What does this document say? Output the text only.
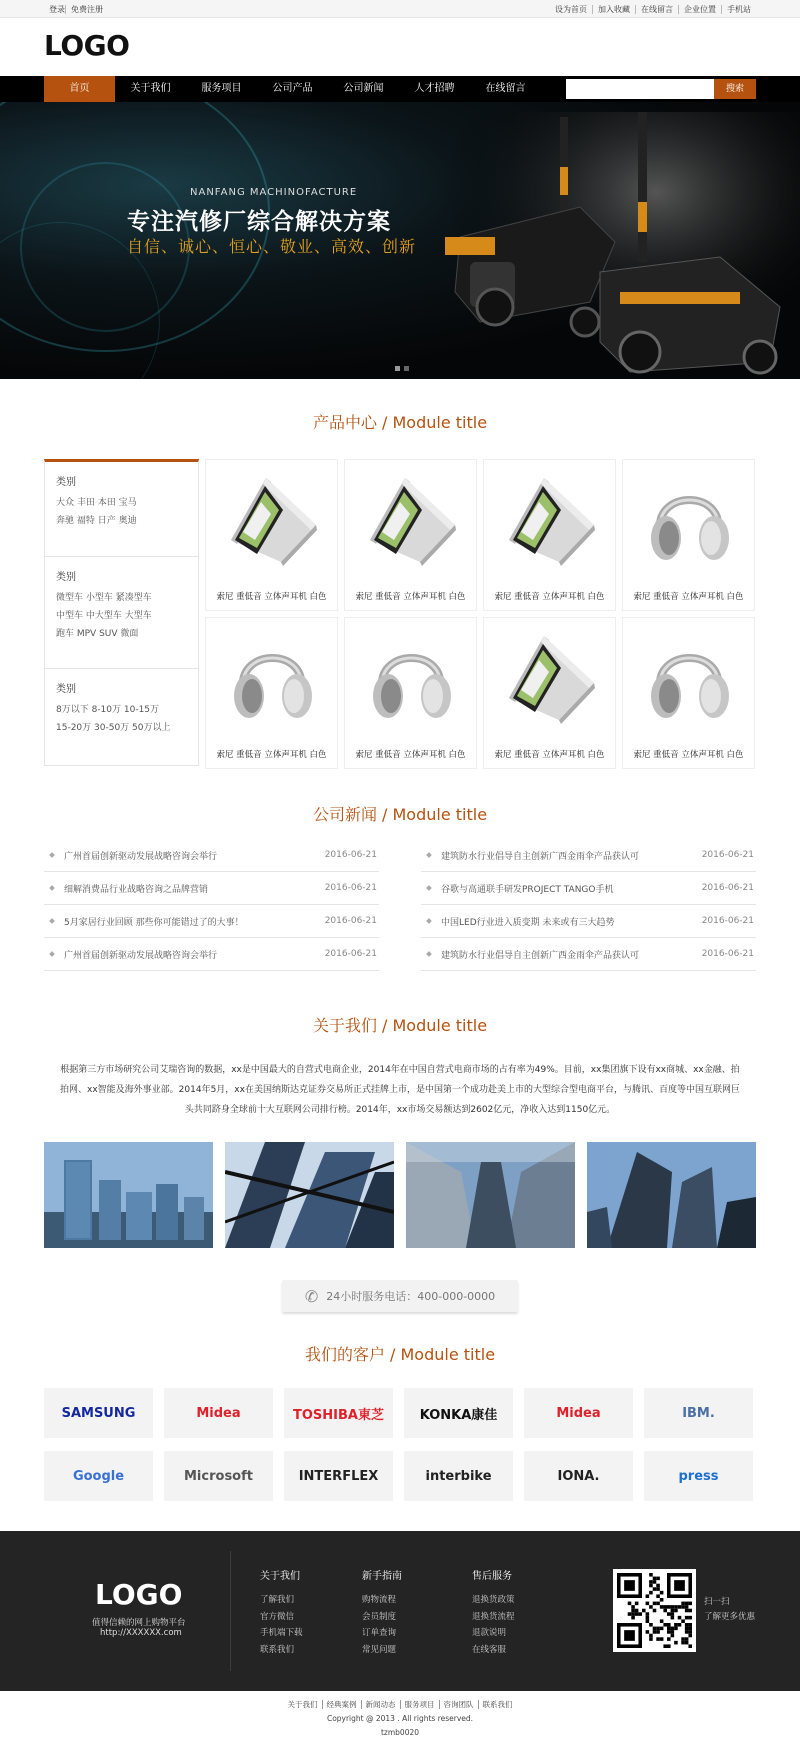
登录 免费注册	设为首页	加入收藏	在线留言	企业位置	手机站
LOGO
首页	关于我们	服务项目	公司产品	公司新闻	人才招聘	在线留言	搜索
NANFANG MACHINOFACTURE
专注汽修厂综合解决方案
自信、诚心、恒心、敬业、高效、创新
产品中心 / Module title
类别

大众 丰田 本田 宝马

奔驰 福特 日产 奥迪

类别

微型车 小型车 紧凑型车

中型车 中大型车 大型车

跑车 MPV SUV 微面

类别

8万以下 8-10万 10-15万

15-20万 30-50万 50万以上

索尼 重低音 立体声耳机 白色	索尼 重低音 立体声耳机 白色	索尼 重低音 立体声耳机 白色	索尼 重低音 立体声耳机 白色
索尼 重低音 立体声耳机 白色	索尼 重低音 立体声耳机 白色	索尼 重低音 立体声耳机 白色	索尼 重低音 立体声耳机 白色
公司新闻 / Module title
广州首届创新驱动发展战略咨询会举行	2016-06-21
细解消费品行业战略咨询之品牌营销	2016-06-21
5月家居行业回顾 那些你可能错过了的大事！	2016-06-21
广州首届创新驱动发展战略咨询会举行	2016-06-21
建筑防水行业倡导自主创新广西金雨伞产品获认可	2016-06-21
谷歌与高通联手研发PROJECT TANGO手机	2016-06-21
中国LED行业进入质变期 未来或有三大趋势	2016-06-21
建筑防水行业倡导自主创新广西金雨伞产品获认可	2016-06-21
关于我们 / Module title
根据第三方市场研究公司艾瑞咨询的数据，xx是中国最大的自营式电商企业，2014年在中国自营式电商市场的占有率为49%。目前，xx集团旗下设有xx商城、xx金融、拍
拍网、xx智能及海外事业部。2014年5月，xx在美国纳斯达克证券交易所正式挂牌上市，是中国第一个成功赴美上市的大型综合型电商平台，与腾讯、百度等中国互联网巨
头共同跻身全球前十大互联网公司排行榜。2014年，xx市场交易额达到2602亿元，净收入达到1150亿元。
✆ 24小时服务电话：400-000-0000
我们的客户 / Module title
SAMSUNG	Midea	TOSHIBA東芝	KONKA康佳	Midea	IBM.
Google	Microsoft	INTERFLEX	interbike	IONA.	press
LOGO
值得信赖的网上购物平台
http://XXXXXX.com
关于我们

了解我们

官方微信

手机端下载

联系我们

新手指南

购物流程

会员制度

订单查询

常见问题

售后服务

退换货政策

退换货流程

退款说明

在线客服

扫一扫
了解更多优惠
关于我们 经典案例 新闻动态 服务项目 咨询团队 联系我们
Copyright @ 2013 . All rights reserved.
tzmb0020
